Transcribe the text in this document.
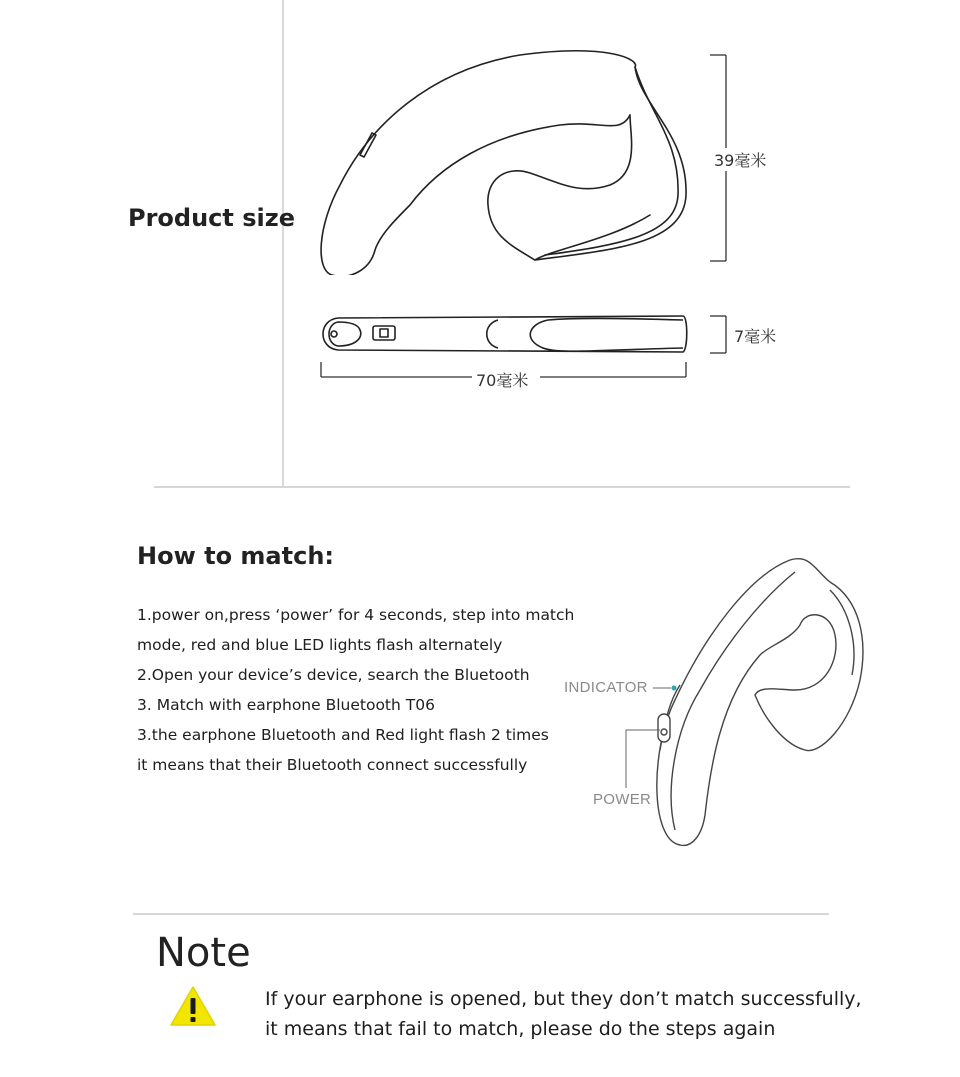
Product size
39毫米
7毫米
70毫米
How to match:
1.power on,press ‘power’ for 4 seconds, step into match
mode, red and blue LED lights flash alternately
2.Open your device’s device, search the Bluetooth
3. Match with earphone Bluetooth T06
3.the earphone Bluetooth and Red light flash 2 times
it means that their Bluetooth connect successfully
INDICATOR
POWER
Note
If your earphone is opened, but they don’t match successfully,
it means that fail to match, please do the steps again
